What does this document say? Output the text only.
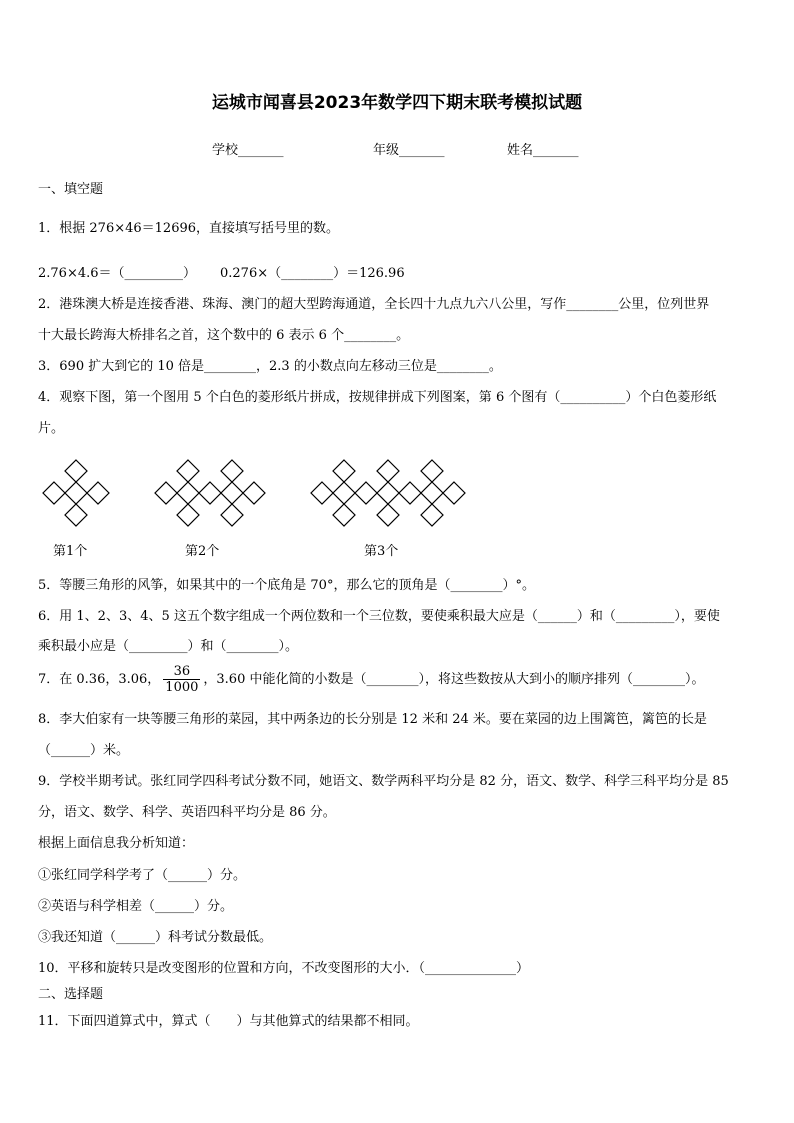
运城市闻喜县2023年数学四下期末联考模拟试题
学校_______	年级_______	姓名_______
一、填空题
1．根据 276×46＝12696，直接填写括号里的数。
2.76×4.6＝（_________） 0.276×（________）＝126.96
2．港珠澳大桥是连接香港、珠海、澳门的超大型跨海通道，全长四十九点九六八公里，写作________公里，位列世界
十大最长跨海大桥排名之首，这个数中的 6 表示 6 个________。
3．690 扩大到它的 10 倍是________，2.3 的小数点向左移动三位是________。
4．观察下图，第一个图用 5 个白色的菱形纸片拼成，按规律拼成下列图案，第 6 个图有（__________）个白色菱形纸
片。
第1个	第2个	第3个
5．等腰三角形的风筝，如果其中的一个底角是 70°，那么它的顶角是（________）°。
6．用 1、2、3、4、5 这五个数字组成一个两位数和一个三位数，要使乘积最大应是（______）和（_________），要使
乘积最小应是（_________）和（________）。
7．在 0.36，3.06， $\frac{36}{1000}$ ，3.60 中能化简的小数是（________），将这些数按从大到小的顺序排列（________）。
8．李大伯家有一块等腰三角形的菜园，其中两条边的长分别是 12 米和 24 米。要在菜园的边上围篱笆，篱笆的长是
（______）米。
9．学校半期考试。张红同学四科考试分数不同，她语文、数学两科平均分是 82 分，语文、数学、科学三科平均分是 85
分，语文、数学、科学、英语四科平均分是 86 分。
根据上面信息我分析知道：
①张红同学科学考了（______）分。
②英语与科学相差（______）分。
③我还知道（______）科考试分数最低。
10．平移和旋转只是改变图形的位置和方向，不改变图形的大小．（______________）
二、选择题
11．下面四道算式中，算式（　　）与其他算式的结果都不相同。
